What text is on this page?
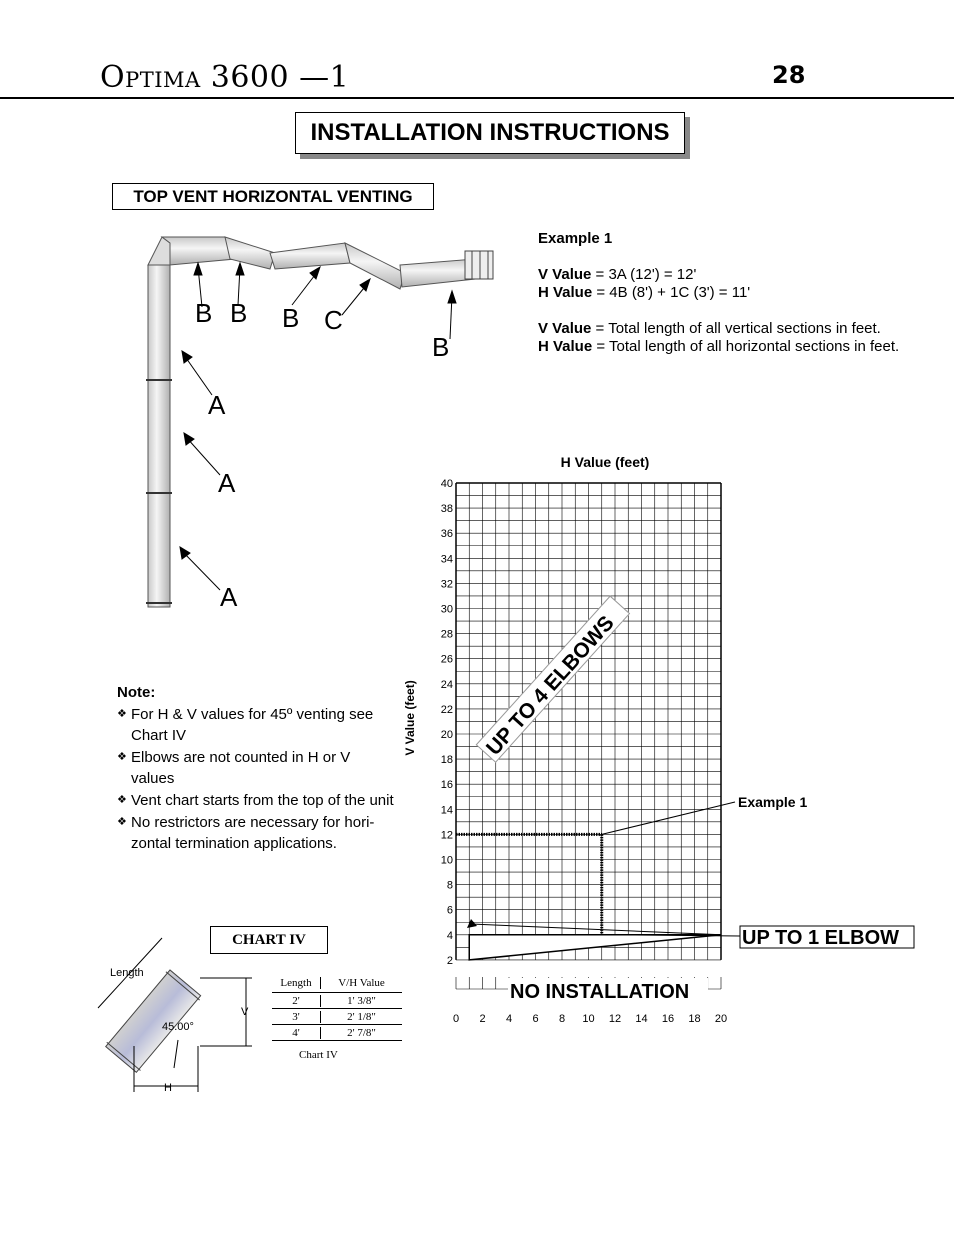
Optima 3600 —1	28
INSTALLATION INSTRUCTIONS
TOP VENT HORIZONTAL VENTING
B B B C
B
A
A
A
Example 1
V Value = 3A (12') = 12'
H Value = 4B (8') + 1C (3') = 11'
V Value = Total length of all vertical sections in feet.
H Value = Total length of all horizontal sections in feet.
Note:
❖ For H & V values for 45º venting see Chart IV
❖ Elbows are not counted in H or V values
❖ Vent chart starts from the top of the unit
❖ No restrictors are necessary for hori-zontal termination applications.
CHART IV
Length
45.00°
V
H
Length	V/H Value
2'	1' 3/8"
3'	2' 1/8"
4'	2' 7/8"
Chart IV
0 2 4 6 8 10 12 14 16 18 20
2
4
6
8
10
12
14
16
18
20
22
24
26
28
30
32
34
36
38
40
H Value (feet)
V Value (feet)
Example 1
UP TO 1 ELBOW
NO INSTALLATION
UP TO 4 ELBOWS
